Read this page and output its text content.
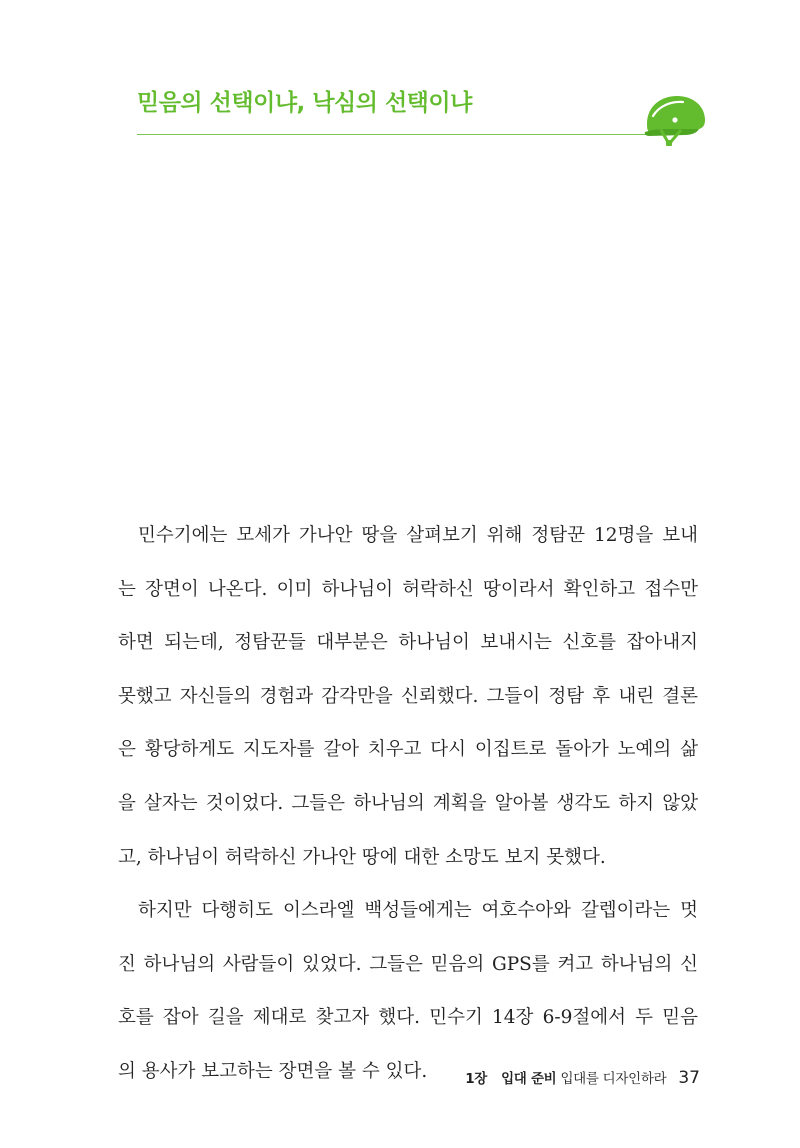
믿음의 선택이냐, 낙심의 선택이냐

민수기에는 모세가 가나안 땅을 살펴보기 위해 정탐꾼 12명을 보내
는 장면이 나온다. 이미 하나님이 허락하신 땅이라서 확인하고 접수만
하면 되는데, 정탐꾼들 대부분은 하나님이 보내시는 신호를 잡아내지
못했고 자신들의 경험과 감각만을 신뢰했다. 그들이 정탐 후 내린 결론
은 황당하게도 지도자를 갈아 치우고 다시 이집트로 돌아가 노예의 삶
을 살자는 것이었다. 그들은 하나님의 계획을 알아볼 생각도 하지 않았
고, 하나님이 허락하신 가나안 땅에 대한 소망도 보지 못했다.

하지만 다행히도 이스라엘 백성들에게는 여호수아와 갈렙이라는 멋
진 하나님의 사람들이 있었다. 그들은 믿음의 GPS를 켜고 하나님의 신
호를 잡아 길을 제대로 찾고자 했다. 민수기 14장 6-9절에서 두 믿음
의 용사가 보고하는 장면을 볼 수 있다.	1장 입대 준비 입대를 디자인하라 37
